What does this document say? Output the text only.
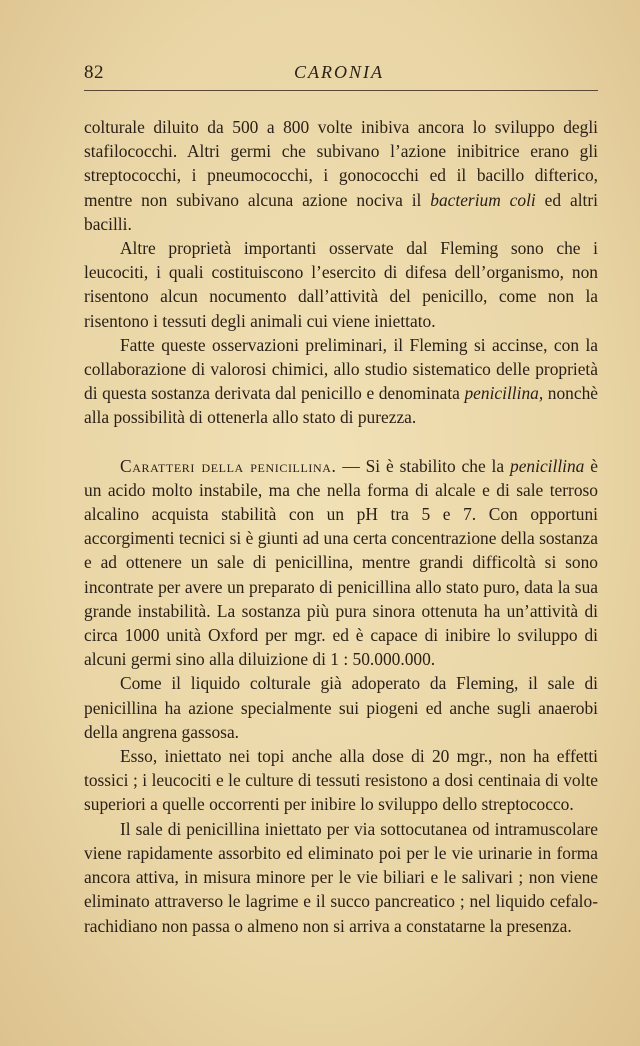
82	CARONIA

colturale diluito da 500 a 800 volte inibiva ancora lo sviluppo degli stafilococchi. Altri germi che subivano l’azione inibitrice erano gli streptococchi, i pneumococchi, i gonococchi ed il bacillo difterico, mentre non subivano alcuna azione nociva il bacterium coli ed altri bacilli.

Altre proprietà importanti osservate dal Fleming sono che i leucociti, i quali costituiscono l’esercito di difesa dell’organismo, non risentono alcun nocumento dall’attività del penicillo, come non la risentono i tessuti degli animali cui viene iniettato.

Fatte queste osservazioni preliminari, il Fleming si accinse, con la collaborazione di valorosi chimici, allo studio sistematico delle proprietà di questa sostanza derivata dal penicillo e denominata penicillina, nonchè alla possibilità di ottenerla allo stato di purezza.

Caratteri della penicillina. — Si è stabilito che la penicillina è un acido molto instabile, ma che nella forma di alcale e di sale terroso alcalino acquista stabilità con un pH tra 5 e 7. Con opportuni accorgimenti tecnici si è giunti ad una certa concentrazione della sostanza e ad ottenere un sale di penicillina, mentre grandi difficoltà si sono incontrate per avere un preparato di penicillina allo stato puro, data la sua grande instabilità. La sostanza più pura sinora ottenuta ha un’attività di circa 1000 unità Oxford per mgr. ed è capace di inibire lo sviluppo di alcuni germi sino alla diluizione di 1 : 50.000.000.

Come il liquido colturale già adoperato da Fleming, il sale di penicillina ha azione specialmente sui piogeni ed anche sugli anaerobi della angrena gassosa.

Esso, iniettato nei topi anche alla dose di 20 mgr., non ha effetti tossici ; i leucociti e le culture di tessuti resistono a dosi centinaia di volte superiori a quelle occorrenti per inibire lo sviluppo dello streptococco.

Il sale di penicillina iniettato per via sottocutanea od intramuscolare viene rapidamente assorbito ed eliminato poi per le vie urinarie in forma ancora attiva, in misura minore per le vie biliari e le salivari ; non viene eliminato attraverso le lagrime e il succo pancreatico ; nel liquido cefalo-rachidiano non passa o almeno non si arriva a constatarne la presenza.
